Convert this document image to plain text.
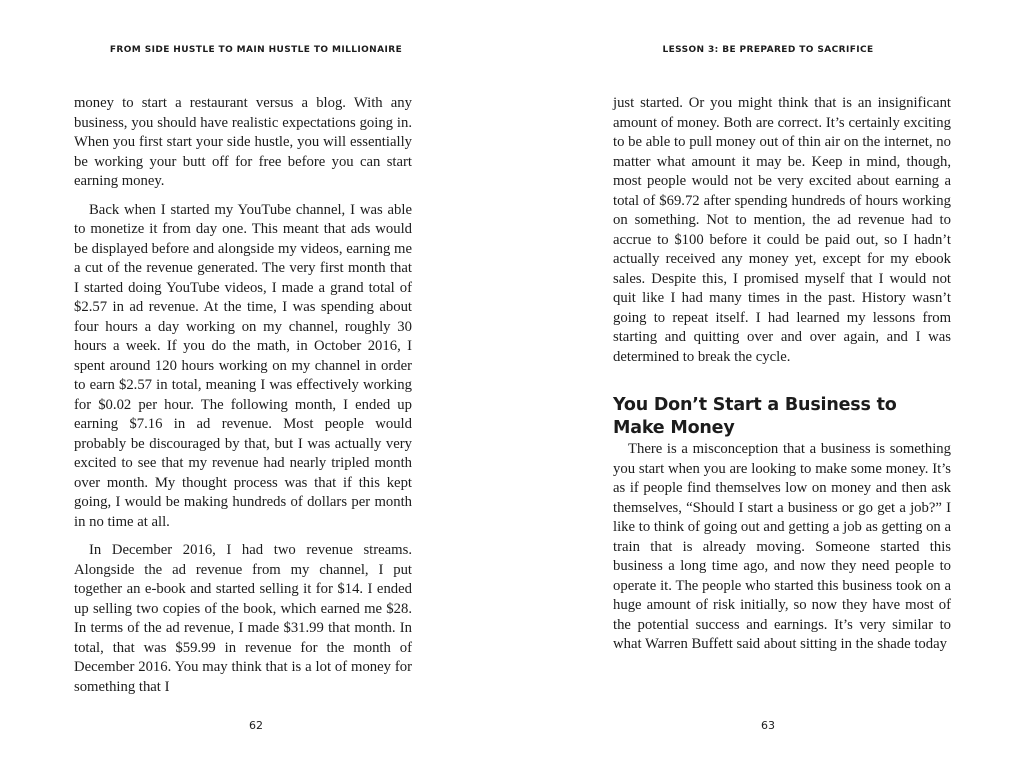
FROM SIDE HUSTLE TO MAIN HUSTLE TO MILLIONAIRE

money to start a restaurant versus a blog. With any business, you should have realistic expectations going in. When you first start your side hustle, you will essentially be working your butt off for free before you can start earning money.

Back when I started my YouTube channel, I was able to monetize it from day one. This meant that ads would be displayed before and alongside my videos, earning me a cut of the revenue generated. The very first month that I started doing YouTube videos, I made a grand total of $2.57 in ad revenue. At the time, I was spending about four hours a day working on my channel, roughly 30 hours a week. If you do the math, in October 2016, I spent around 120 hours working on my channel in order to earn $2.57 in total, meaning I was effectively working for $0.02 per hour. The following month, I ended up earning $7.16 in ad revenue. Most people would probably be discouraged by that, but I was actually very excited to see that my revenue had nearly tripled month over month. My thought process was that if this kept going, I would be making hundreds of dollars per month in no time at all.

In December 2016, I had two revenue streams. Alongside the ad revenue from my channel, I put together an e-book and started selling it for $14. I ended up selling two copies of the book, which earned me $28. In terms of the ad revenue, I made $31.99 that month. In total, that was $59.99 in revenue for the month of December 2016. You may think that is a lot of money for something that I

62
LESSON 3: BE PREPARED TO SACRIFICE

just started. Or you might think that is an insignificant amount of money. Both are correct. It’s certainly exciting to be able to pull money out of thin air on the internet, no matter what amount it may be. Keep in mind, though, most people would not be very excited about earning a total of $69.72 after spending hundreds of hours working on something. Not to mention, the ad revenue had to accrue to $100 before it could be paid out, so I hadn’t actually received any money yet, except for my ebook sales. Despite this, I promised myself that I would not quit like I had many times in the past. History wasn’t going to repeat itself. I had learned my lessons from starting and quitting over and over again, and I was determined to break the cycle.

You Don’t Start a Business to Make Money

There is a misconception that a business is something you start when you are looking to make some money. It’s as if people find themselves low on money and then ask themselves, “Should I start a business or go get a job?” I like to think of going out and getting a job as getting on a train that is already moving. Someone started this business a long time ago, and now they need people to operate it. The people who started this business took on a huge amount of risk initially, so now they have most of the potential success and earnings. It’s very similar to what Warren Buffett said about sitting in the shade today

63
